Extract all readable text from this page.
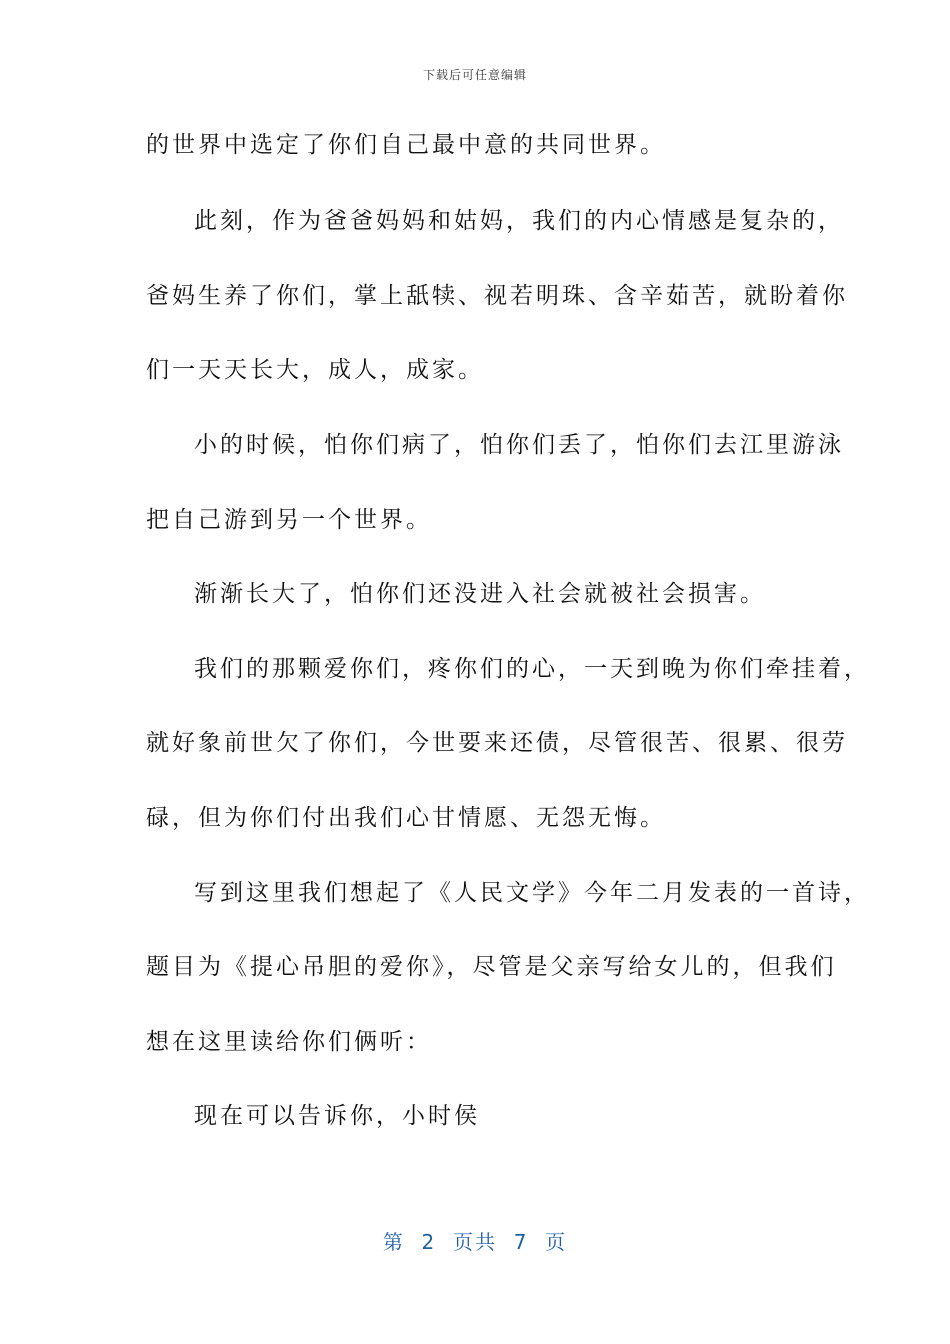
下载后可任意编辑
的世界中选定了你们自己最中意的共同世界。
此刻，作为爸爸妈妈和姑妈，我们的内心情感是复杂的，
爸妈生养了你们，掌上舐犊、视若明珠、含辛茹苦，就盼着你
们一天天长大，成人，成家。
小的时候，怕你们病了，怕你们丢了，怕你们去江里游泳
把自己游到另一个世界。
渐渐长大了，怕你们还没进入社会就被社会损害。
我们的那颗爱你们，疼你们的心，一天到晚为你们牵挂着，
就好象前世欠了你们，今世要来还债，尽管很苦、很累、很劳
碌，但为你们付出我们心甘情愿、无怨无悔。
写到这里我们想起了《人民文学》今年二月发表的一首诗，
题目为《提心吊胆的爱你》，尽管是父亲写给女儿的，但我们
想在这里读给你们俩听：
现在可以告诉你，小时侯
第  2  页共  7  页
